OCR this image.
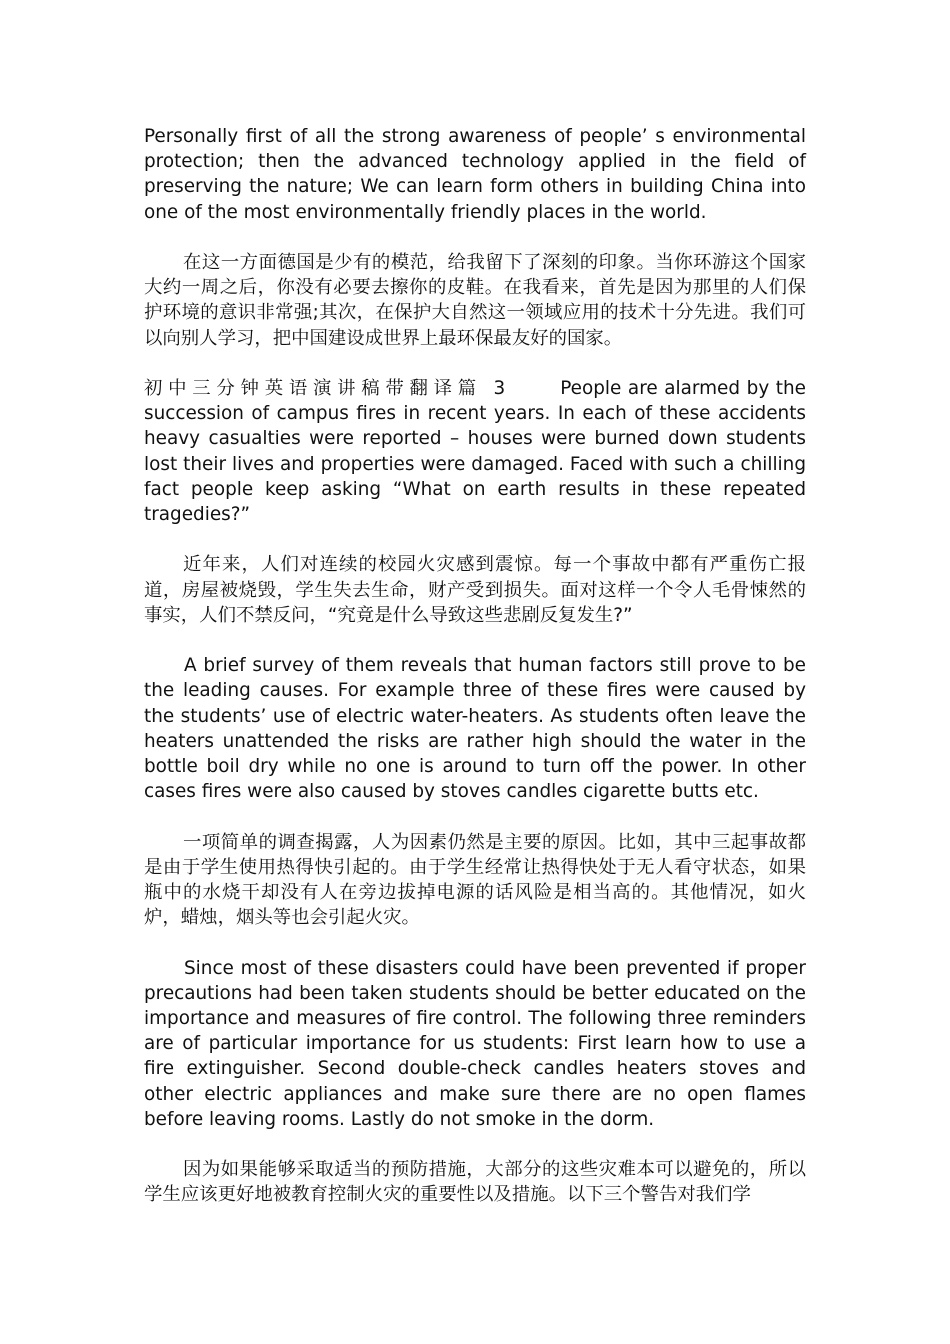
Personally first of all the strong awareness of people’ s environmental protection; then the advanced technology applied in the field of preserving the nature; We can learn form others in building China into one of the most environmentally friendly places in the world.

在这一方面德国是少有的模范，给我留下了深刻的印象。当你环游这个国家大约一周之后，你没有必要去擦你的皮鞋。在我看来，首先是因为那里的人们保护环境的意识非常强;其次，在保护大自然这一领域应用的技术十分先进。我们可以向别人学习，把中国建设成世界上最环保最友好的国家。

初中三分钟英语演讲稿带翻译篇 3	People are alarmed by the succession of campus fires in recent years. In each of these accidents heavy casualties were reported – houses were burned down students lost their lives and properties were damaged. Faced with such a chilling fact people keep asking “What on earth results in these repeated tragedies?”

近年来，人们对连续的校园火灾感到震惊。每一个事故中都有严重伤亡报道，房屋被烧毁，学生失去生命，财产受到损失。面对这样一个令人毛骨悚然的事实，人们不禁反问，“究竟是什么导致这些悲剧反复发生?”

A brief survey of them reveals that human factors still prove to be the leading causes. For example three of these fires were caused by the students’ use of electric water-heaters. As students often leave the heaters unattended the risks are rather high should the water in the bottle boil dry while no one is around to turn off the power. In other cases fires were also caused by stoves candles cigarette butts etc.

一项简单的调查揭露，人为因素仍然是主要的原因。比如，其中三起事故都是由于学生使用热得快引起的。由于学生经常让热得快处于无人看守状态，如果瓶中的水烧干却没有人在旁边拔掉电源的话风险是相当高的。其他情况，如火炉，蜡烛，烟头等也会引起火灾。

Since most of these disasters could have been prevented if proper precautions had been taken students should be better educated on the importance and measures of fire control. The following three reminders are of particular importance for us students: First learn how to use a fire extinguisher. Second double-check candles heaters stoves and other electric appliances and make sure there are no open flames before leaving rooms. Lastly do not smoke in the dorm.

因为如果能够采取适当的预防措施，大部分的这些灾难本可以避免的，所以学生应该更好地被教育控制火灾的重要性以及措施。以下三个警告对我们学
